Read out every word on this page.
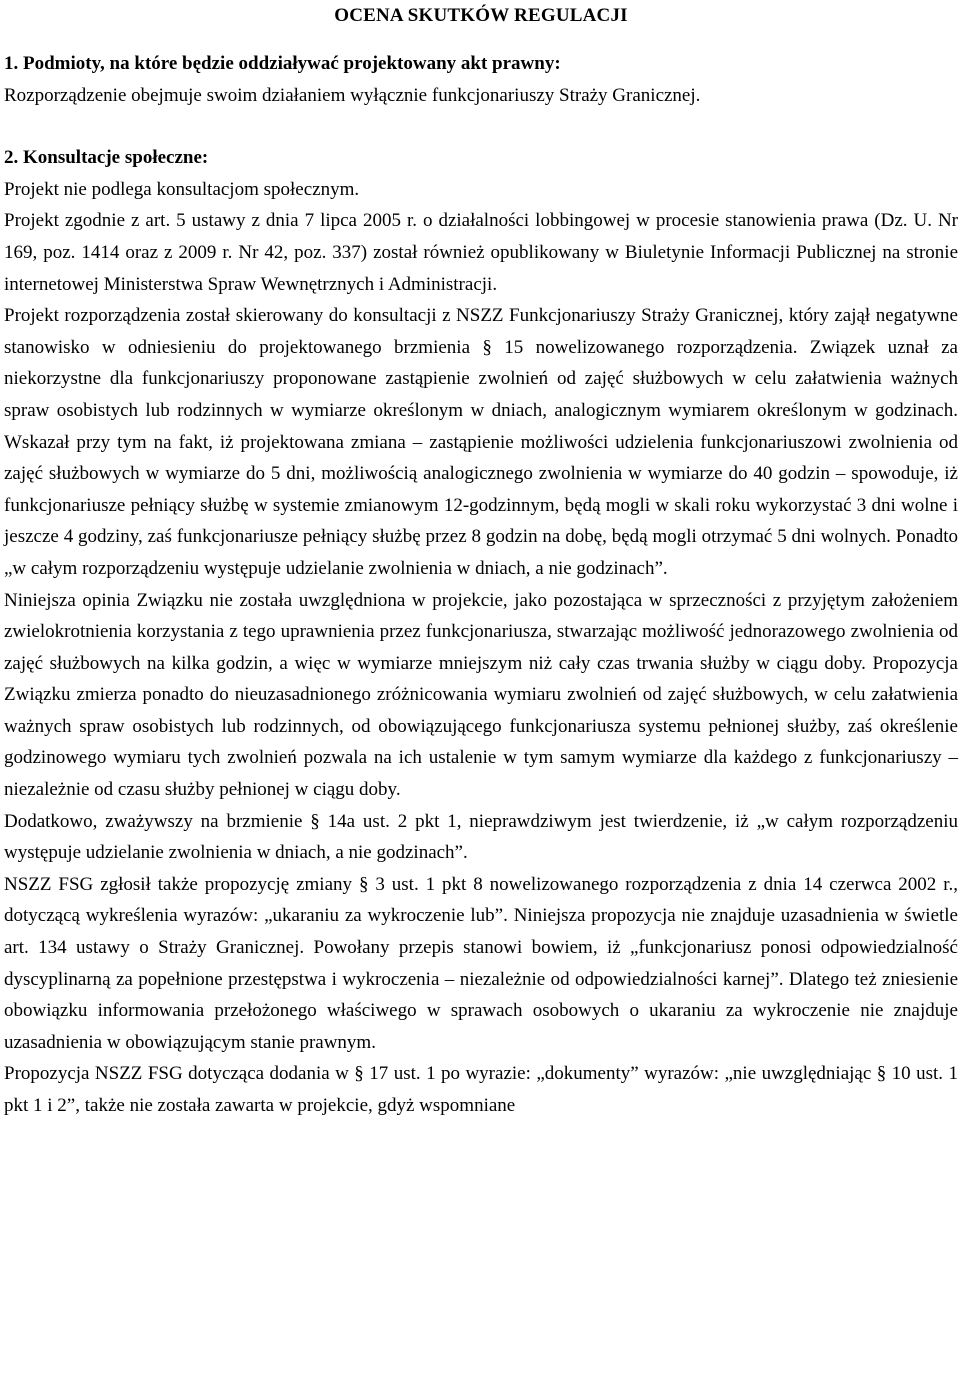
OCENA SKUTKÓW REGULACJI
1. Podmioty, na które będzie oddziaływać projektowany akt prawny:

Rozporządzenie obejmuje swoim działaniem wyłącznie funkcjonariuszy Straży Granicznej.

2. Konsultacje społeczne:

Projekt nie podlega konsultacjom społecznym.

Projekt zgodnie z art. 5 ustawy z dnia 7 lipca 2005 r. o działalności lobbingowej w procesie stanowienia prawa (Dz. U. Nr 169, poz. 1414 oraz z 2009 r. Nr 42, poz. 337) został również opublikowany w Biuletynie Informacji Publicznej na stronie internetowej Ministerstwa Spraw Wewnętrznych i Administracji.

Projekt rozporządzenia został skierowany do konsultacji z NSZZ Funkcjonariuszy Straży Granicznej, który zajął negatywne stanowisko w odniesieniu do projektowanego brzmienia § 15 nowelizowanego rozporządzenia. Związek uznał za niekorzystne dla funkcjonariuszy proponowane zastąpienie zwolnień od zajęć służbowych w celu załatwienia ważnych spraw osobistych lub rodzinnych w wymiarze określonym w dniach, analogicznym wymiarem określonym w godzinach. Wskazał przy tym na fakt, iż projektowana zmiana – zastąpienie możliwości udzielenia funkcjonariuszowi zwolnienia od zajęć służbowych w wymiarze do 5 dni, możliwością analogicznego zwolnienia w wymiarze do 40 godzin – spowoduje, iż funkcjonariusze pełniący służbę w systemie zmianowym 12-godzinnym, będą mogli w skali roku wykorzystać 3 dni wolne i jeszcze 4 godziny, zaś funkcjonariusze pełniący służbę przez 8 godzin na dobę, będą mogli otrzymać 5 dni wolnych. Ponadto „w całym rozporządzeniu występuje udzielanie zwolnienia w dniach, a nie godzinach”.

Niniejsza opinia Związku nie została uwzględniona w projekcie, jako pozostająca w sprzeczności z przyjętym założeniem zwielokrotnienia korzystania z tego uprawnienia przez funkcjonariusza, stwarzając możliwość jednorazowego zwolnienia od zajęć służbowych na kilka godzin, a więc w wymiarze mniejszym niż cały czas trwania służby w ciągu doby. Propozycja Związku zmierza ponadto do nieuzasadnionego zróżnicowania wymiaru zwolnień od zajęć służbowych, w celu załatwienia ważnych spraw osobistych lub rodzinnych, od obowiązującego funkcjonariusza systemu pełnionej służby, zaś określenie godzinowego wymiaru tych zwolnień pozwala na ich ustalenie w tym samym wymiarze dla każdego z funkcjonariuszy – niezależnie od czasu służby pełnionej w ciągu doby.

Dodatkowo, zważywszy na brzmienie § 14a ust. 2 pkt 1, nieprawdziwym jest twierdzenie, iż „w całym rozporządzeniu występuje udzielanie zwolnienia w dniach, a nie godzinach”.

NSZZ FSG zgłosił także propozycję zmiany § 3 ust. 1 pkt 8 nowelizowanego rozporządzenia z dnia 14 czerwca 2002 r., dotyczącą wykreślenia wyrazów: „ukaraniu za wykroczenie lub”. Niniejsza propozycja nie znajduje uzasadnienia w świetle art. 134 ustawy o Straży Granicznej. Powołany przepis stanowi bowiem, iż „funkcjonariusz ponosi odpowiedzialność dyscyplinarną za popełnione przestępstwa i wykroczenia – niezależnie od odpowiedzialności karnej”. Dlatego też zniesienie obowiązku informowania przełożonego właściwego w sprawach osobowych o ukaraniu za wykroczenie nie znajduje uzasadnienia w obowiązującym stanie prawnym.

Propozycja NSZZ FSG dotycząca dodania w § 17 ust. 1 po wyrazie: „dokumenty” wyrazów: „nie uwzględniając § 10 ust. 1 pkt 1 i 2”, także nie została zawarta w projekcie, gdyż wspomniane
